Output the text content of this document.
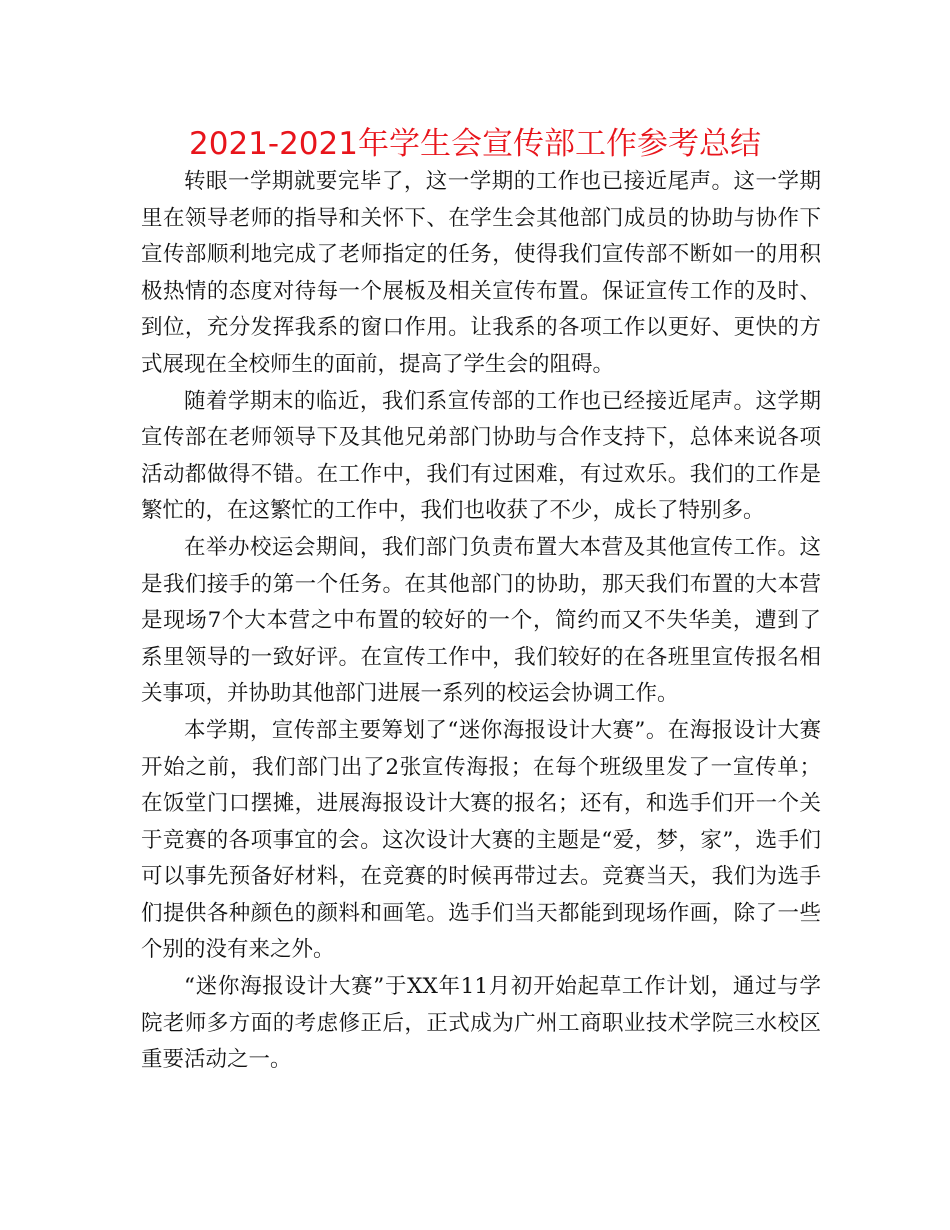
2021-2021年学生会宣传部工作参考总结

转眼一学期就要完毕了，这一学期的工作也已接近尾声。这一学期里在领导老师的指导和关怀下、在学生会其他部门成员的协助与协作下宣传部顺利地完成了老师指定的任务，使得我们宣传部不断如一的用积极热情的态度对待每一个展板及相关宣传布置。保证宣传工作的及时、到位，充分发挥我系的窗口作用。让我系的各项工作以更好、更快的方式展现在全校师生的面前，提高了学生会的阻碍。

随着学期末的临近，我们系宣传部的工作也已经接近尾声。这学期宣传部在老师领导下及其他兄弟部门协助与合作支持下，总体来说各项活动都做得不错。在工作中，我们有过困难，有过欢乐。我们的工作是繁忙的，在这繁忙的工作中，我们也收获了不少，成长了特别多。

在举办校运会期间，我们部门负责布置大本营及其他宣传工作。这是我们接手的第一个任务。在其他部门的协助，那天我们布置的大本营是现场7个大本营之中布置的较好的一个，简约而又不失华美，遭到了系里领导的一致好评。在宣传工作中，我们较好的在各班里宣传报名相关事项，并协助其他部门进展一系列的校运会协调工作。

本学期，宣传部主要筹划了“迷你海报设计大赛”。在海报设计大赛开始之前，我们部门出了2张宣传海报；在每个班级里发了一宣传单；在饭堂门口摆摊，进展海报设计大赛的报名；还有，和选手们开一个关于竞赛的各项事宜的会。这次设计大赛的主题是“爱，梦，家”，选手们可以事先预备好材料，在竞赛的时候再带过去。竞赛当天，我们为选手们提供各种颜色的颜料和画笔。选手们当天都能到现场作画，除了一些个别的没有来之外。

“迷你海报设计大赛”于XX年11月初开始起草工作计划，通过与学院老师多方面的考虑修正后，正式成为广州工商职业技术学院三水校区重要活动之一。
